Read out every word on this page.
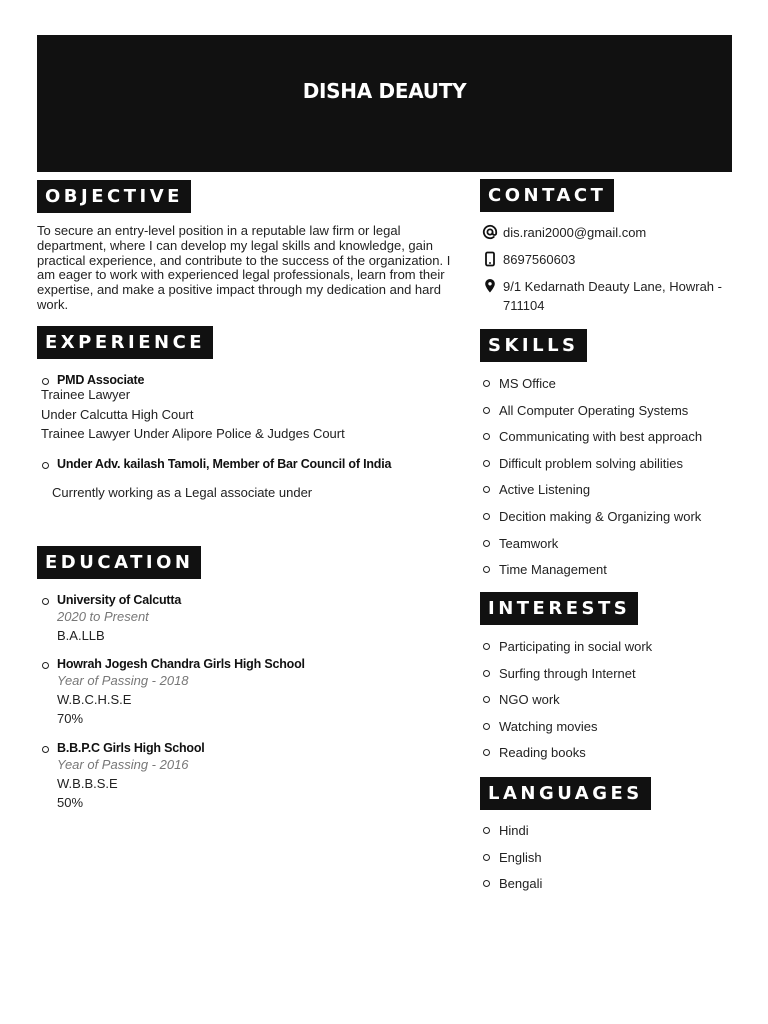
DISHA DEAUTY
OBJECTIVE
To secure an entry-level position in a reputable law firm or legal department, where I can develop my legal skills and knowledge, gain practical experience, and contribute to the success of the organization. I am eager to work with experienced legal professionals, learn from their expertise, and make a positive impact through my dedication and hard work.
EXPERIENCE
PMD Associate
Trainee Lawyer
Under Calcutta High Court
Trainee Lawyer Under Alipore Police & Judges Court
Under Adv. kailash Tamoli, Member of Bar Council of India
Currently working as a Legal associate under
EDUCATION
University of Calcutta
2020 to Present
B.A.LLB
Howrah Jogesh Chandra Girls High School
Year of Passing - 2018
W.B.C.H.S.E
70%
B.B.P.C Girls High School
Year of Passing - 2016
W.B.B.S.E
50%
CONTACT
dis.rani2000@gmail.com
8697560603
9/1 Kedarnath Deauty Lane, Howrah - 711104
SKILLS
MS Office
All Computer Operating Systems
Communicating with best approach
Difficult problem solving abilities
Active Listening
Decition making & Organizing work
Teamwork
Time Management
INTERESTS
Participating in social work
Surfing through Internet
NGO work
Watching movies
Reading books
LANGUAGES
Hindi
English
Bengali
